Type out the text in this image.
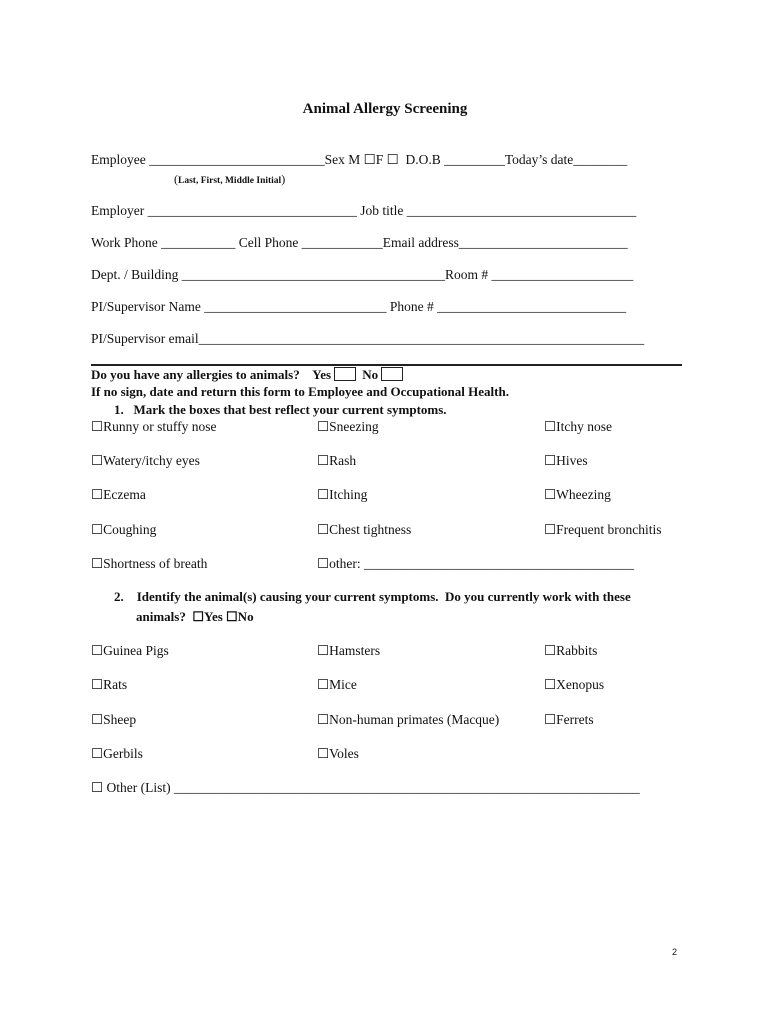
Animal Allergy Screening
Employee __________________________Sex M ☐F ☐  D.O.B _________Today’s date________
(Last, First, Middle Initial)
Employer _______________________________ Job title __________________________________
Work Phone ___________ Cell Phone ____________Email address_________________________
Dept. / Building _______________________________________Room # _____________________
PI/Supervisor Name ___________________________ Phone # ____________________________
PI/Supervisor email__________________________________________________________________
Do you have any allergies to animals? Yes No
If no sign, date and return this form to Employee and Occupational Health.
1.   Mark the boxes that best reflect your current symptoms.
☐Runny or stuffy nose	☐Sneezing	☐Itchy nose
☐Watery/itchy eyes	☐Rash	☐Hives
☐Eczema	☐Itching	☐Wheezing
☐Coughing	☐Chest tightness	☐Frequent bronchitis
☐Shortness of breath	☐other: ________________________________________
2.    Identify the animal(s) causing your current symptoms.  Do you currently work with these
animals?  ☐Yes ☐No
☐Guinea Pigs	☐Hamsters	☐Rabbits
☐Rats	☐Mice	☐Xenopus
☐Sheep	☐Non-human primates (Macque)	☐Ferrets
☐Gerbils	☐Voles
☐ Other (List) _____________________________________________________________________
2
